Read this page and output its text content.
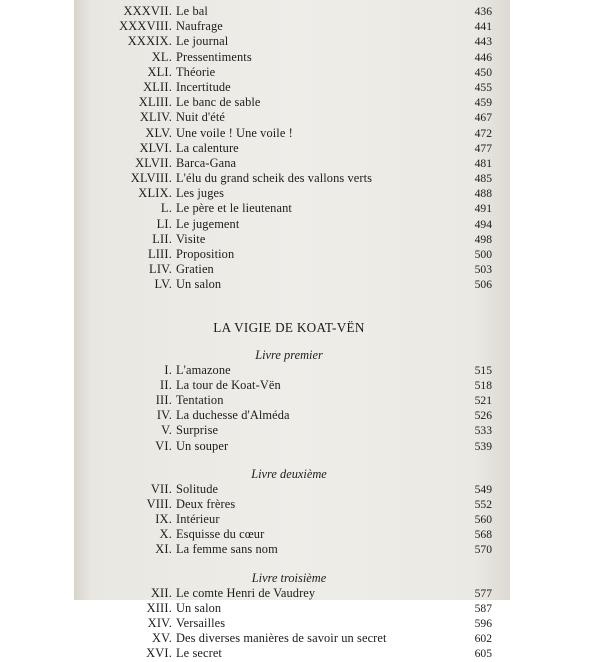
XXXVII. Le bal	436
XXXVIII. Naufrage	441
XXXIX. Le journal	443
XL. Pressentiments	446
XLI. Théorie	450
XLII. Incertitude	455
XLIII. Le banc de sable	459
XLIV. Nuit d'été	467
XLV. Une voile ! Une voile !	472
XLVI. La calenture	477
XLVII. Barca-Gana	481
XLVIII. L'élu du grand scheik des vallons verts	485
XLIX. Les juges	488
L. Le père et le lieutenant	491
LI. Le jugement	494
LII. Visite	498
LIII. Proposition	500
LIV. Gratien	503
LV. Un salon	506
LA VIGIE DE KOAT-VËN
Livre premier
I. L'amazone	515
II. La tour de Koat-Vën	518
III. Tentation	521
IV. La duchesse d'Alméda	526
V. Surprise	533
VI. Un souper	539
Livre deuxième
VII. Solitude	549
VIII. Deux frères	552
IX. Intérieur	560
X. Esquisse du cœur	568
XI. La femme sans nom	570
Livre troisième
XII. Le comte Henri de Vaudrey	577
XIII. Un salon	587
XIV. Versailles	596
XV. Des diverses manières de savoir un secret	602
XVI. Le secret	605
